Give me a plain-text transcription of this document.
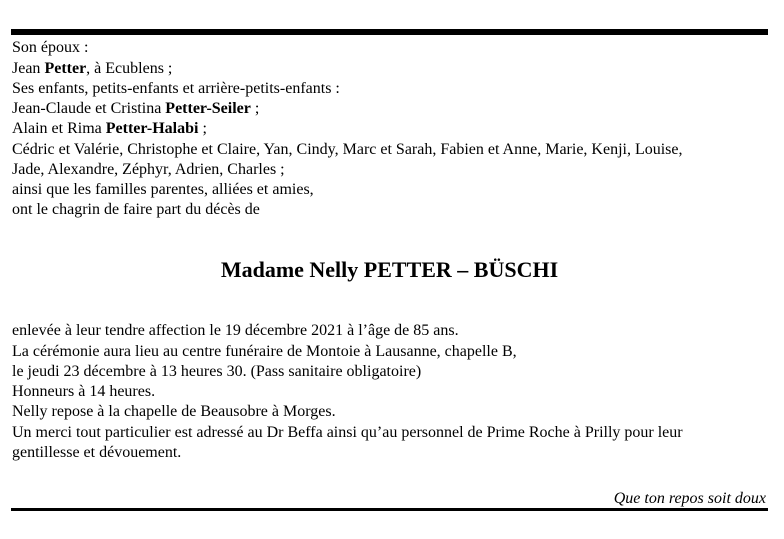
Son époux :
Jean Petter, à Ecublens ;
Ses enfants, petits-enfants et arrière-petits-enfants :
Jean-Claude et Cristina Petter-Seiler ;
Alain et Rima Petter-Halabi ;
Cédric et Valérie, Christophe et Claire, Yan, Cindy, Marc et Sarah, Fabien et Anne, Marie, Kenji, Louise,
Jade, Alexandre, Zéphyr, Adrien, Charles ;
ainsi que les familles parentes, alliées et amies,
ont le chagrin de faire part du décès de
Madame Nelly PETTER – BÜSCHI
enlevée à leur tendre affection le 19 décembre 2021 à l’âge de 85 ans.
La cérémonie aura lieu au centre funéraire de Montoie à Lausanne, chapelle B,
le jeudi 23 décembre à 13 heures 30. (Pass sanitaire obligatoire)
Honneurs à 14 heures.
Nelly repose à la chapelle de Beausobre à Morges.
Un merci tout particulier est adressé au Dr Beffa ainsi qu’au personnel de Prime Roche à Prilly pour leur
gentillesse et dévouement.
Que ton repos soit doux
